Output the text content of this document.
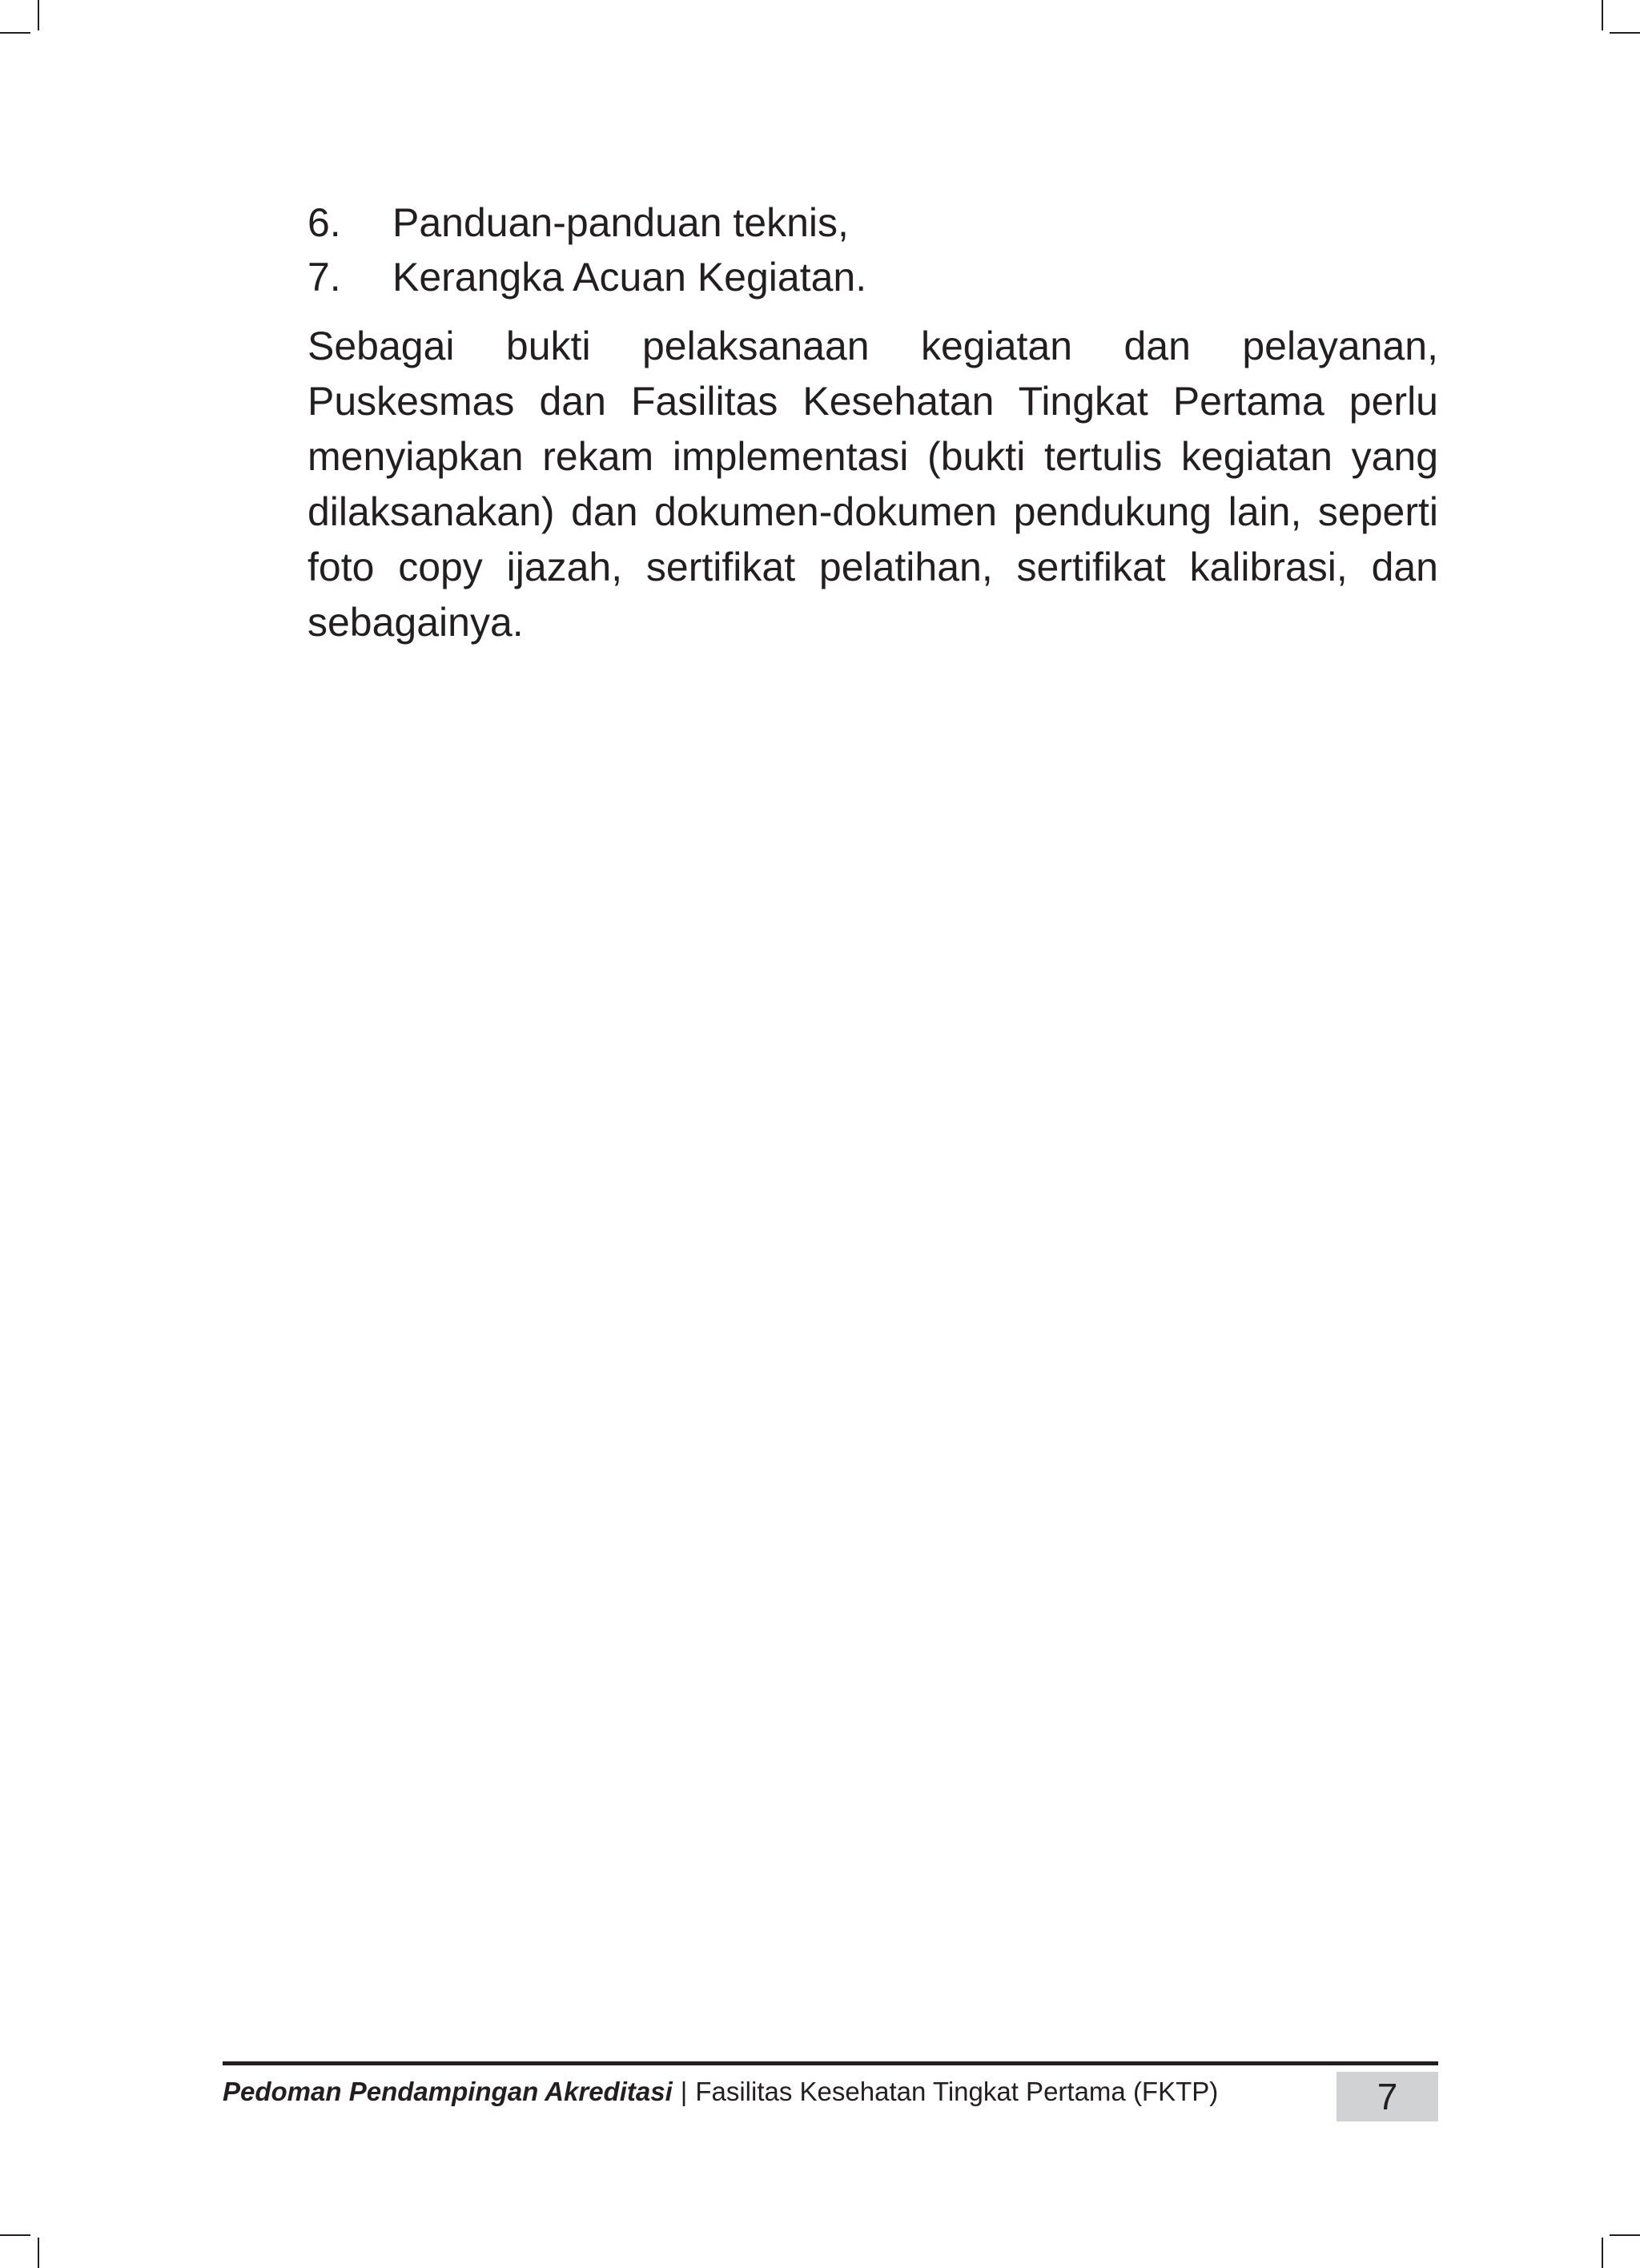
6.	Panduan-panduan teknis,
7.	Kerangka Acuan Kegiatan.

Sebagai bukti pelaksanaan kegiatan dan pelayanan, Puskesmas dan Fasilitas Kesehatan Tingkat Pertama perlu menyiapkan rekam implementasi (bukti tertulis kegiatan yang dilaksanakan) dan dokumen-dokumen pendukung lain, seperti foto copy ijazah, sertifikat pelatihan, sertifikat kalibrasi, dan sebagainya.

Pedoman Pendampingan Akreditasi | Fasilitas Kesehatan Tingkat Pertama (FKTP)	7
